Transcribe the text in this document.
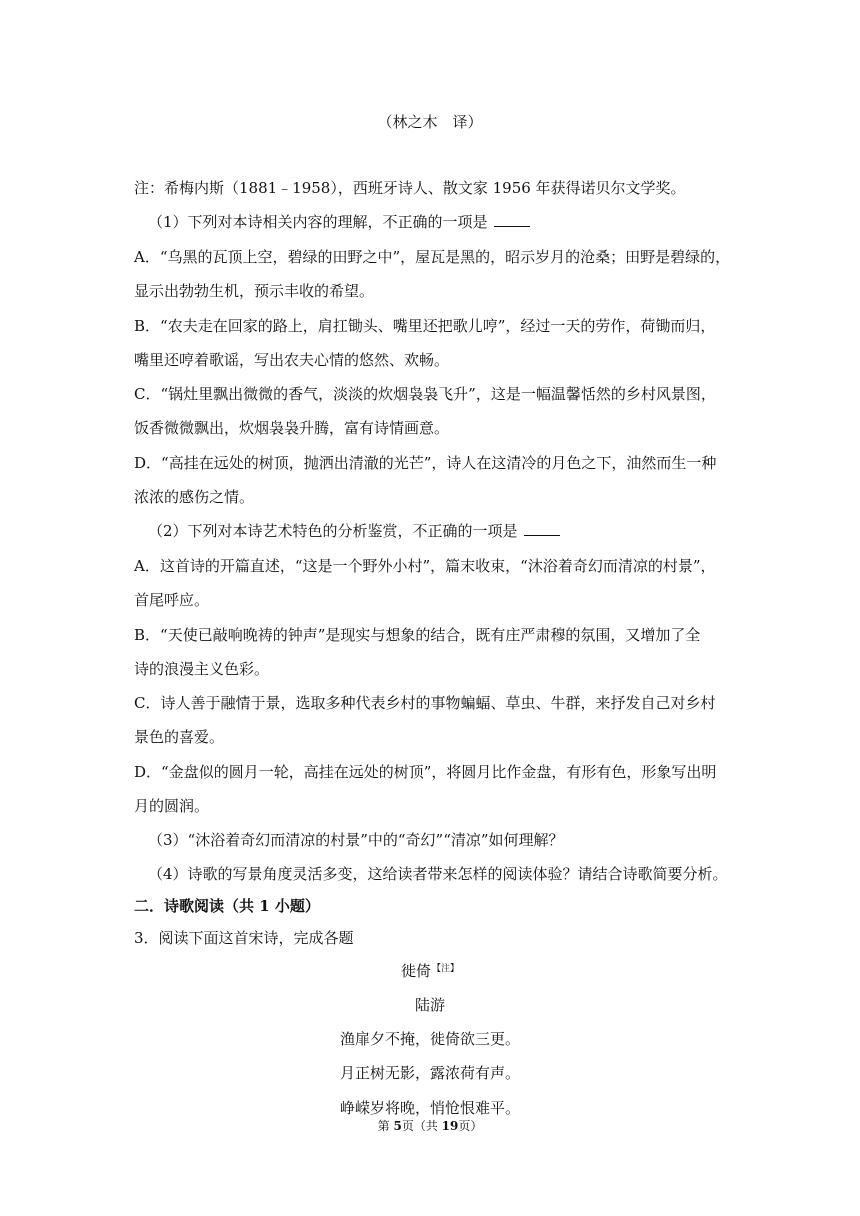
（林之木　译）
注：希梅内斯（1881﹣1958），西班牙诗人、散文家 1956 年获得诺贝尔文学奖。
（1）下列对本诗相关内容的理解，不正确的一项是
A．“乌黑的瓦顶上空，碧绿的田野之中”，屋瓦是黑的，昭示岁月的沧桑；田野是碧绿的，
显示出勃勃生机，预示丰收的希望。
B．“农夫走在回家的路上，肩扛锄头、嘴里还把歌儿哼”，经过一天的劳作，荷锄而归，
嘴里还哼着歌谣，写出农夫心情的悠然、欢畅。
C．“锅灶里飘出微微的香气，淡淡的炊烟袅袅飞升”，这是一幅温馨恬然的乡村风景图，
饭香微微飘出，炊烟袅袅升腾，富有诗情画意。
D．“高挂在远处的树顶，抛洒出清澈的光芒”，诗人在这清冷的月色之下，油然而生一种
浓浓的感伤之情。
（2）下列对本诗艺术特色的分析鉴赏，不正确的一项是
A．这首诗的开篇直述，“这是一个野外小村”，篇末收束，“沐浴着奇幻而清凉的村景”，
首尾呼应。
B．“天使已敲响晚祷的钟声”是现实与想象的结合，既有庄严肃穆的氛围，又增加了全
诗的浪漫主义色彩。
C．诗人善于融情于景，选取多种代表乡村的事物蝙蝠、草虫、牛群，来抒发自己对乡村
景色的喜爱。
D．“金盘似的圆月一轮，高挂在远处的树顶”，将圆月比作金盘，有形有色，形象写出明
月的圆润。
（3）“沐浴着奇幻而清凉的村景”中的“奇幻”“清凉”如何理解？
（4）诗歌的写景角度灵活多变，这给读者带来怎样的阅读体验？请结合诗歌简要分析。
二．诗歌阅读（共 1 小题）
3．阅读下面这首宋诗，完成各题
徙倚$^{【注】}$
陆游
渔扉夕不掩，徙倚欲三更。
月正树无影，露浓荷有声。
峥嵘岁将晚，悄怆恨难平。
第 5页（共 19页）
